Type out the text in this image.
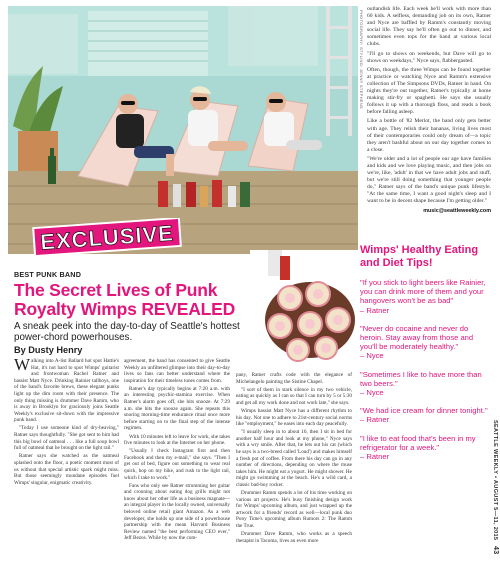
PHOTOGRAPHY: STYLING: JENNY STEPHENS

outlandish life. Each week he'll work with more than 60 kids. A selfless, demanding job on its own, Ratner and Nyce are baffled by Ramm's constantly moving social life. They say he'll often go out to dinner, and sometimes even tops for the band at various local clubs.

"I'll go to shows on weekends, but Dave will go to shows on weekdays," Nyce says, flabbergasted.

Often, though, the three Wimps can be found together at practice or watching Nyce and Ramm's extensive collection of The Simpsons DVDs, Ratner in hand. On nights they're out together, Ratner's typically at home making stir-fry or spaghetti. He says she usually follows it up with a thorough floss, and reads a book before falling asleep.

Like a bottle of '82 Merlot, the band only gets better with age. They relish their bananas, living lives most of their contemporaries could only dream of—a topic they aren't bashful about on our day together comes to a close.

"We're older and a lot of people our age have families and kids and we love playing music, and then jobs on we're, like, 'adult' in that we have adult jobs and stuff, but we're still doing something that younger people do," Ratner says of the band's unique punk lifestyle. "At the same time, I want a good night's sleep and I want to be in decent shape because I'm getting older."

music@seattleweekly.com
EXCLUSIVE
BEST PUNK BAND
The Secret Lives of Punk Royalty Wimps REVEALED
A sneak peek into the day-to-day of Seattle's hottest power-chord powerhouses.
By Dusty Henry

Walking into A-list Ballard hot spot Hattie's Hat, it's not hard to spot Wimps' guitarist and frontwoman Rachel Ratner and bassist Matt Nyce. Drinking Rainier tallboys, one of the band's favorite brews, these elegant punks light up the dim room with their presence. The only thing missing is drummer Dave Ramm, who is away in Brooklyn for graciously joins Seattle Weekly's exclusive sit-down with the impressive punk band.

"Today I use someone kind of dry-heaving," Ratner says thoughtfully. "She got sent to him had this big bowl of oatmeal . . . like a full soup bowl full of oatmeal that he brought on the light rail."

Ratner says she watched as the oatmeal splashed onto the floor, a poetic moment most of us without that special artistic spark might miss. But those seemingly mundane episodes fuel Wimps' singular, enigmatic creativity.

agreement, the band has consented to give Seattle Weekly an unfiltered glimpse into their day-to-day lives so fans can better understand where the inspiration for their timeless tunes comes from.

Ratner's day typically begins at 7:20 a.m. with an interesting psychic-stamina exercise. When Ratner's alarm goes off, she hits snooze. At 7:29 a.m. she hits the snooze again. She repeats this snoring morning-time endurance ritual once more before starting on to the final step of the intense regimen.

With 10 minutes left to leave for work, she takes five minutes to look at the Internet on her phone.

"Usually I check Instagram first and then Facebook and then my e-mail," she says. "Then I get out of bed, figure out something to wear real quick, hop on my bike, and rush to the light rail, which I take to work."

Fans who only see Ratner strumming her guitar and crooning about eating dog grills might not know about her other life as a business magnate—an integral player in the locally owned, universally beloved online retail giant Amazon. As a web developer, she holds up one side of a powerhouse partnership with the mean Harvard Business Review named "the best performing CEO ever," Jeff Bezos. While by now the com-

pany, Ratner crafts code with the elegance of Michelangelo painting the Sistine Chapel.

"I sort of them in stark silence in my two vehicle, eating as quickly as I can so that I can turn by 5 or 5:30 and get all my work done and not work late," she says.

Wimps bassist Matt Nyce has a different rhythm to his day. Not one to adhere to 21st-century social norms like "employment," he eases into each day peacefully.

"I usually sleep in to about 10, then I sit in bed for another half hour and look at my phone," Nyce says with a wry smile. After that, he lets out his cat (which he says is a two-breed called 'Loud') and makes himself a fresh pot of coffee. From there his day can go in any number of directions, depending on where the muse takes him. He might eat a yogurt. He might shower. He might go swimming at the beach. He's a wild card, a classic bad-boy rocker.

Drummer Ramm spends a lot of his time working on various art projects. He's busy finishing design work for Wimps' upcoming album, and just wrapped up the artwork for a friends' record as well—local punk duo Pony Time's upcoming album Rumors 2: The Ramm the True.

Drummer Dave Ramm, who works as a speech therapist in Tacoma, lives an even more

Wimps' Healthy Eating and Diet Tips!
"If you stick to light beers like Rainier, you can drink more of them and your hangovers won't be as bad"
– Ratner
"Never do cocaine and never do heroin. Stay away from those and you'll be moderately healthy."
– Nyce
"Sometimes I like to have more than two beers."
– Nyce
"We had ice cream for dinner tonight."
– Ratner
"I like to eat food that's been in my refrigerator for a week."
– Ratner	SEATTLE WEEKLY • AUGUST 5—11, 2015 43
